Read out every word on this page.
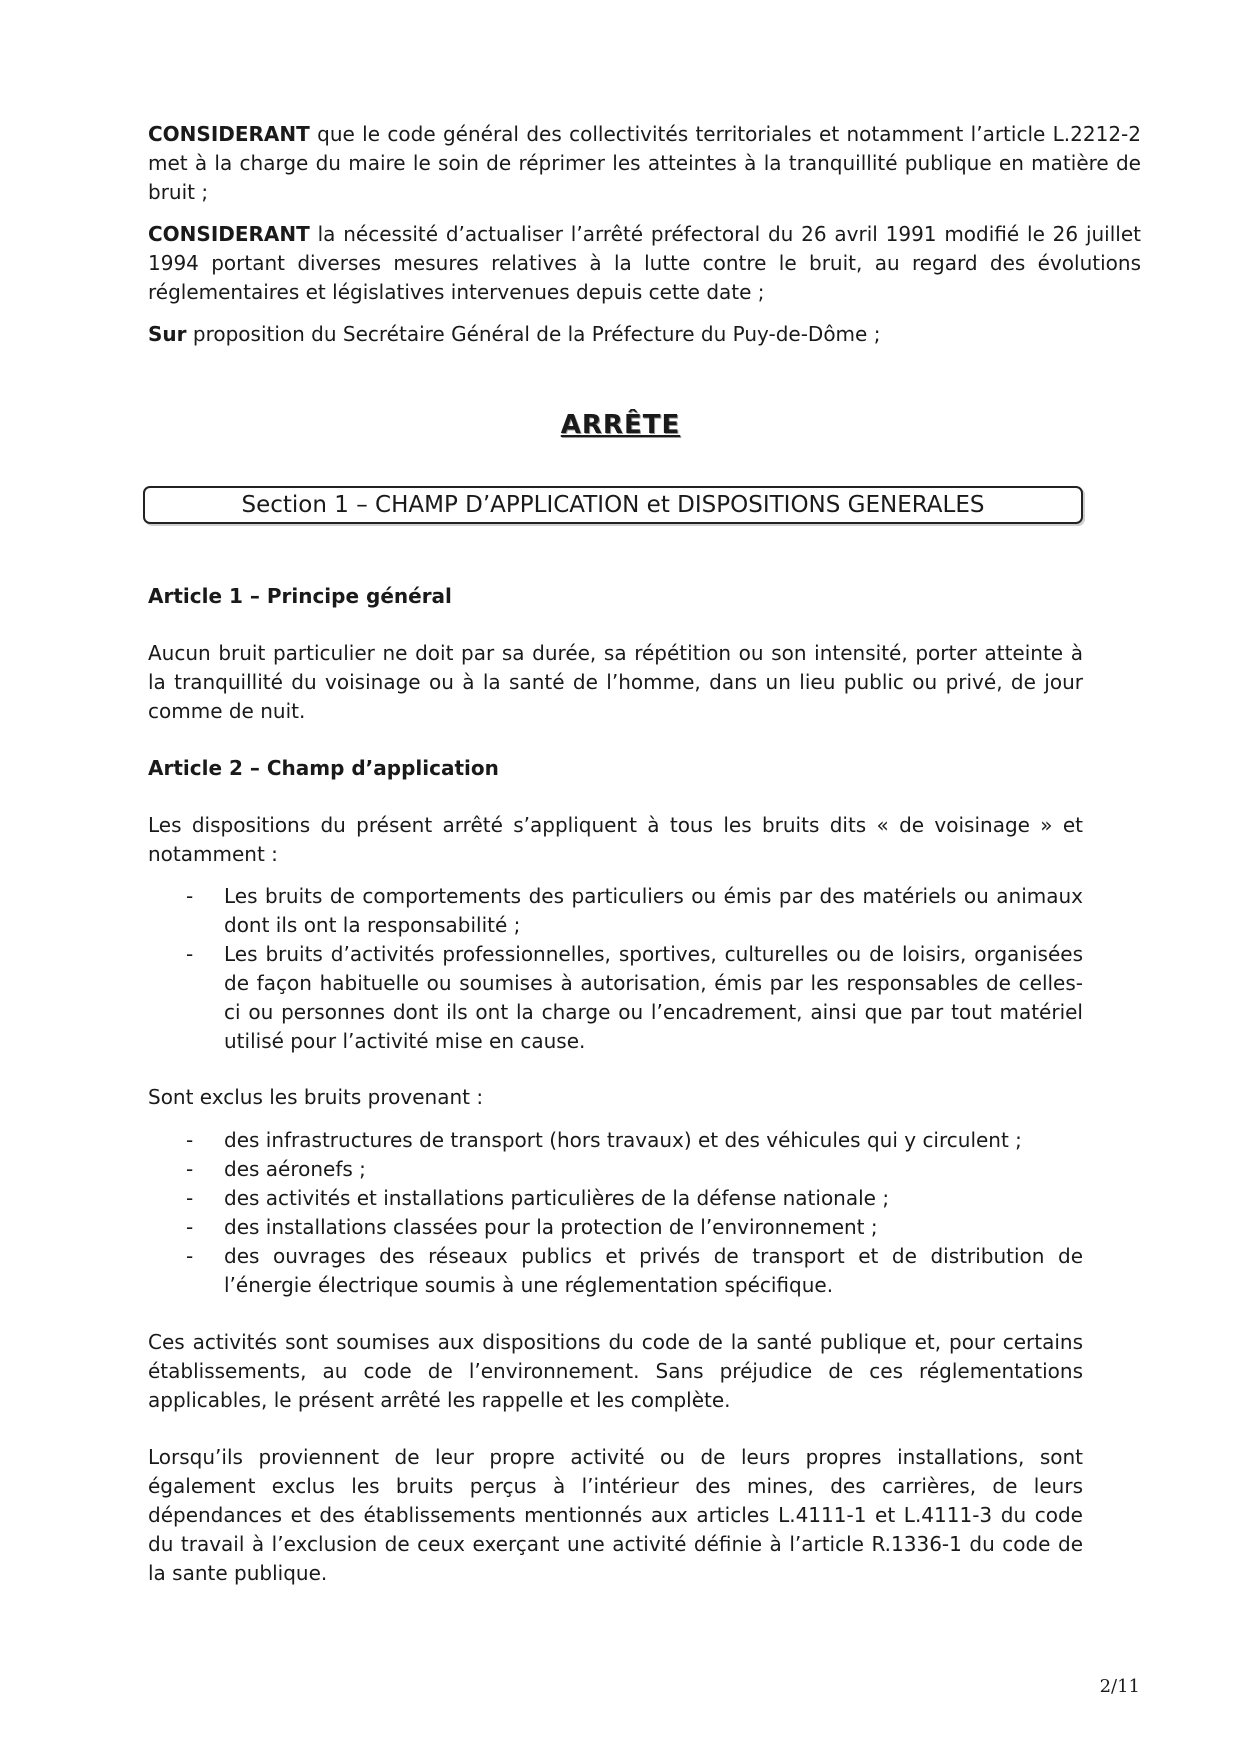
CONSIDERANT que le code général des collectivités territoriales et notamment l’article L.2212-2 met à la charge du maire le soin de réprimer les atteintes à la tranquillité publique en matière de bruit ;

CONSIDERANT la nécessité d’actualiser l’arrêté préfectoral du 26 avril 1991 modifié le 26 juillet 1994 portant diverses mesures relatives à la lutte contre le bruit, au regard des évolutions réglementaires et législatives intervenues depuis cette date ;

Sur proposition du Secrétaire Général de la Préfecture du Puy-de-Dôme ;

ARRÊTE
Section 1 – CHAMP D’APPLICATION et DISPOSITIONS GENERALES
Article 1 – Principe général

Aucun bruit particulier ne doit par sa durée, sa répétition ou son intensité, porter atteinte à la tranquillité du voisinage ou à la santé de l’homme, dans un lieu public ou privé, de jour comme de nuit.

Article 2 – Champ d’application

Les dispositions du présent arrêté s’appliquent à tous les bruits dits « de voisinage » et notamment :

- Les bruits de comportements des particuliers ou émis par des matériels ou animaux dont ils ont la responsabilité ;
- Les bruits d’activités professionnelles, sportives, culturelles ou de loisirs, organisées de façon habituelle ou soumises à autorisation, émis par les responsables de celles-ci ou personnes dont ils ont la charge ou l’encadrement, ainsi que par tout matériel utilisé pour l’activité mise en cause.

Sont exclus les bruits provenant :

- des infrastructures de transport (hors travaux) et des véhicules qui y circulent ;
- des aéronefs ;
- des activités et installations particulières de la défense nationale ;
- des installations classées pour la protection de l’environnement ;
- des ouvrages des réseaux publics et privés de transport et de distribution de l’énergie électrique soumis à une réglementation spécifique.

Ces activités sont soumises aux dispositions du code de la santé publique et, pour certains établissements, au code de l’environnement. Sans préjudice de ces réglementations applicables, le présent arrêté les rappelle et les complète.

Lorsqu’ils proviennent de leur propre activité ou de leurs propres installations, sont également exclus les bruits perçus à l’intérieur des mines, des carrières, de leurs dépendances et des établissements mentionnés aux articles L.4111-1 et L.4111-3 du code du travail à l’exclusion de ceux exerçant une activité définie à l’article R.1336-1 du code de la sante publique.

2/11
